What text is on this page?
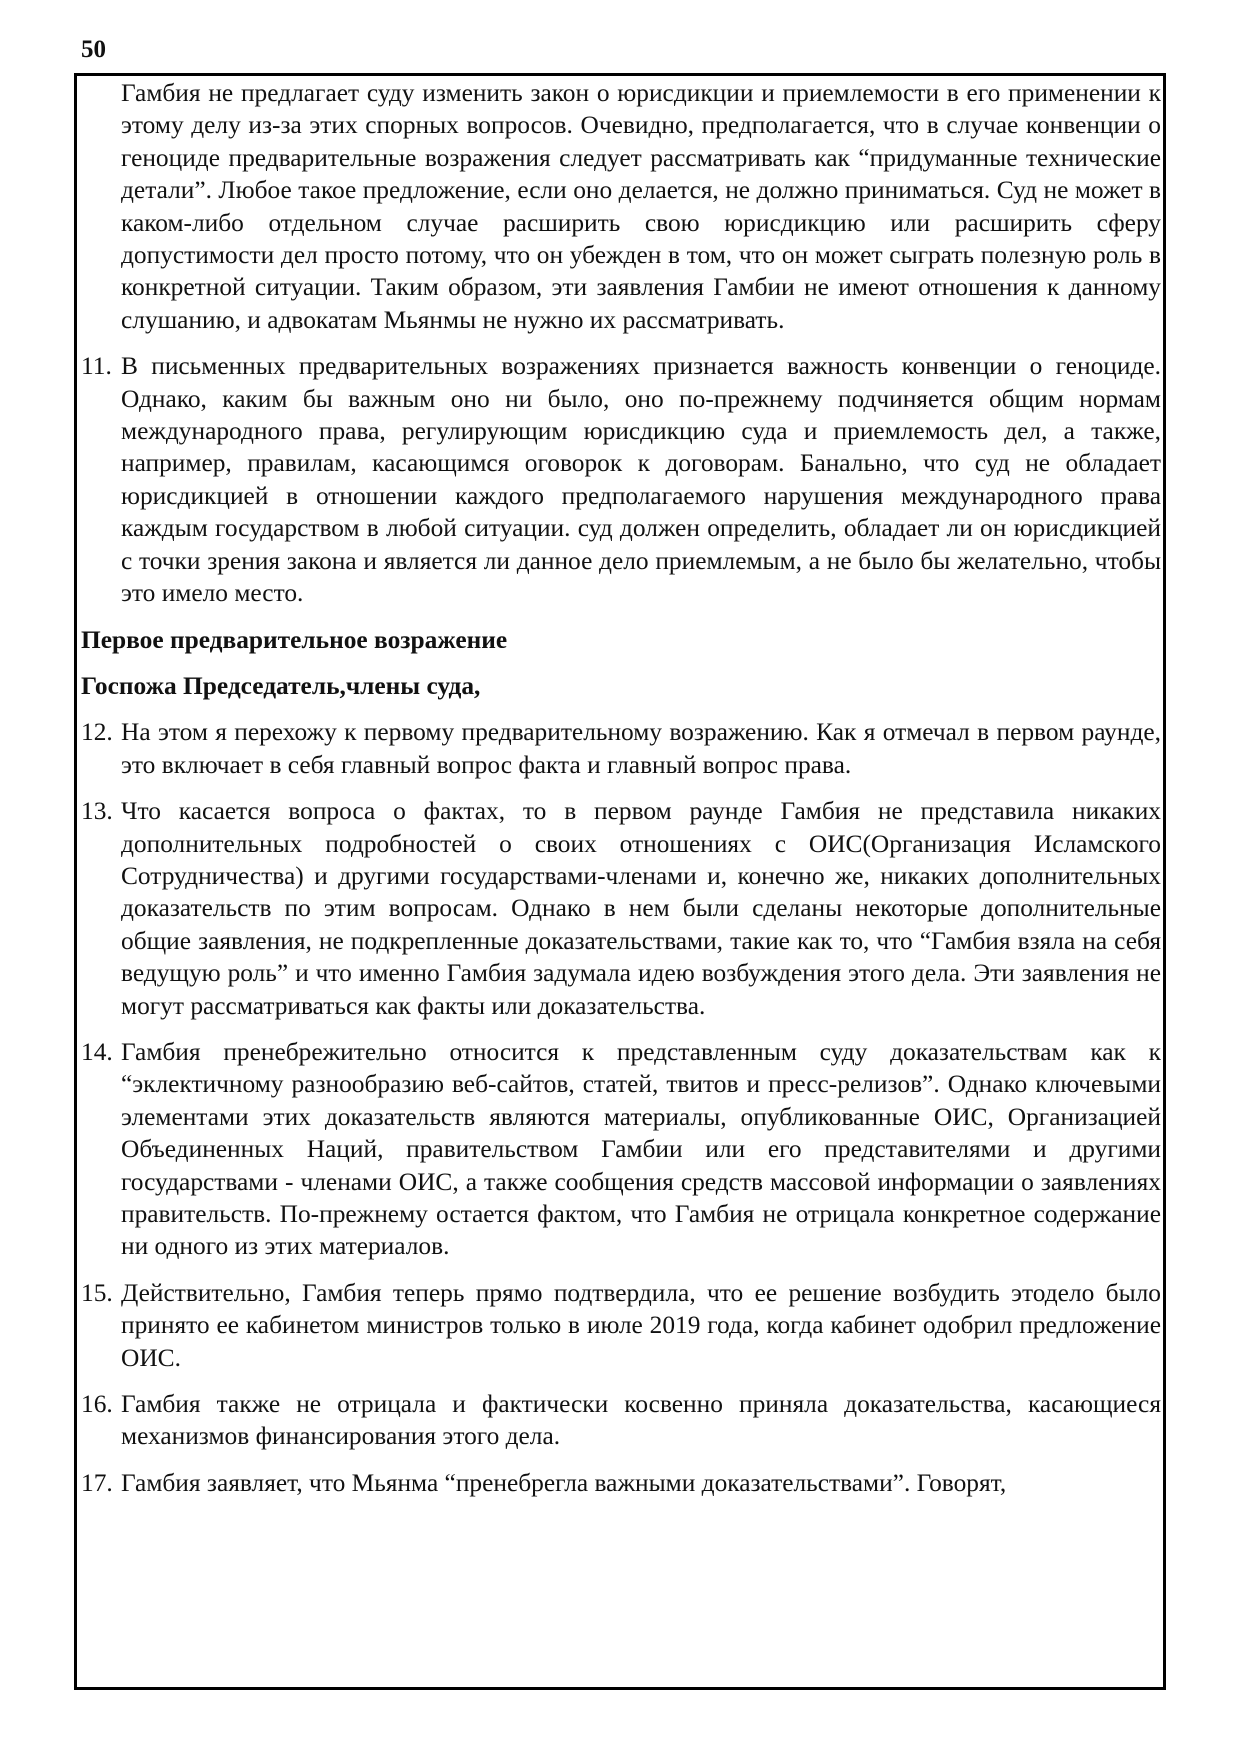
50

Гамбия не предлагает суду изменить закон о юрисдикции и приемлемости в его применении к этому делу из-за этих спорных вопросов. Очевидно, предполагается, что в случае конвенции о геноциде предварительные возражения следует рассматривать как “придуманные технические детали”. Любое такое предложение, если оно делается, не должно приниматься. Суд не может в каком-либо отдельном случае расширить свою юрисдикцию или расширить сферу допустимости дел просто потому, что он убежден в том, что он может сыграть полезную роль в конкретной ситуации. Таким образом, эти заявления Гамбии не имеют отношения к данному слушанию, и адвокатам Мьянмы не нужно их рассматривать.

11. В письменных предварительных возражениях признается важность конвенции о геноциде. Однако, каким бы важным оно ни было, оно по-прежнему подчиняется общим нормам международного права, регулирующим юрисдикцию суда и приемлемость дел, а также, например, правилам, касающимся оговорок к договорам. Банально, что суд не обладает юрисдикцией в отношении каждого предполагаемого нарушения международного права каждым государством в любой ситуации. суд должен определить, обладает ли он юрисдикцией с точки зрения закона и является ли данное дело приемлемым, а не было бы желательно, чтобы это имело место.

Первое предварительное возражение

Госпожа Председатель,члены суда,

12. На этом я перехожу к первому предварительному возражению. Как я отмечал в первом раунде, это включает в себя главный вопрос факта и главный вопрос права.

13. Что касается вопроса о фактах, то в первом раунде Гамбия не представила никаких дополнительных подробностей о своих отношениях с ОИС(Организация Исламского Сотрудничества) и другими государствами-членами и, конечно же, никаких дополнительных доказательств по этим вопросам. Однако в нем были сделаны некоторые дополнительные общие заявления, не подкрепленные доказательствами, такие как то, что “Гамбия взяла на себя ведущую роль” и что именно Гамбия задумала идею возбуждения этого дела. Эти заявления не могут рассматриваться как факты или доказательства.

14. Гамбия пренебрежительно относится к представленным суду доказательствам как к “эклектичному разнообразию веб-сайтов, статей, твитов и пресс-релизов”. Однако ключевыми элементами этих доказательств являются материалы, опубликованные ОИС, Организацией Объединенных Наций, правительством Гамбии или его представителями и другими государствами - членами ОИС, а также сообщения средств массовой информации о заявлениях правительств. По-прежнему остается фактом, что Гамбия не отрицала конкретное содержание ни одного из этих материалов.

15. Действительно, Гамбия теперь прямо подтвердила, что ее решение возбудить этодело было принято ее кабинетом министров только в июле 2019 года, когда кабинет одобрил предложение ОИС.

16. Гамбия также не отрицала и фактически косвенно приняла доказательства, касающиеся механизмов финансирования этого дела.

17. Гамбия заявляет, что Мьянма “пренебрегла важными доказательствами”. Говорят,
